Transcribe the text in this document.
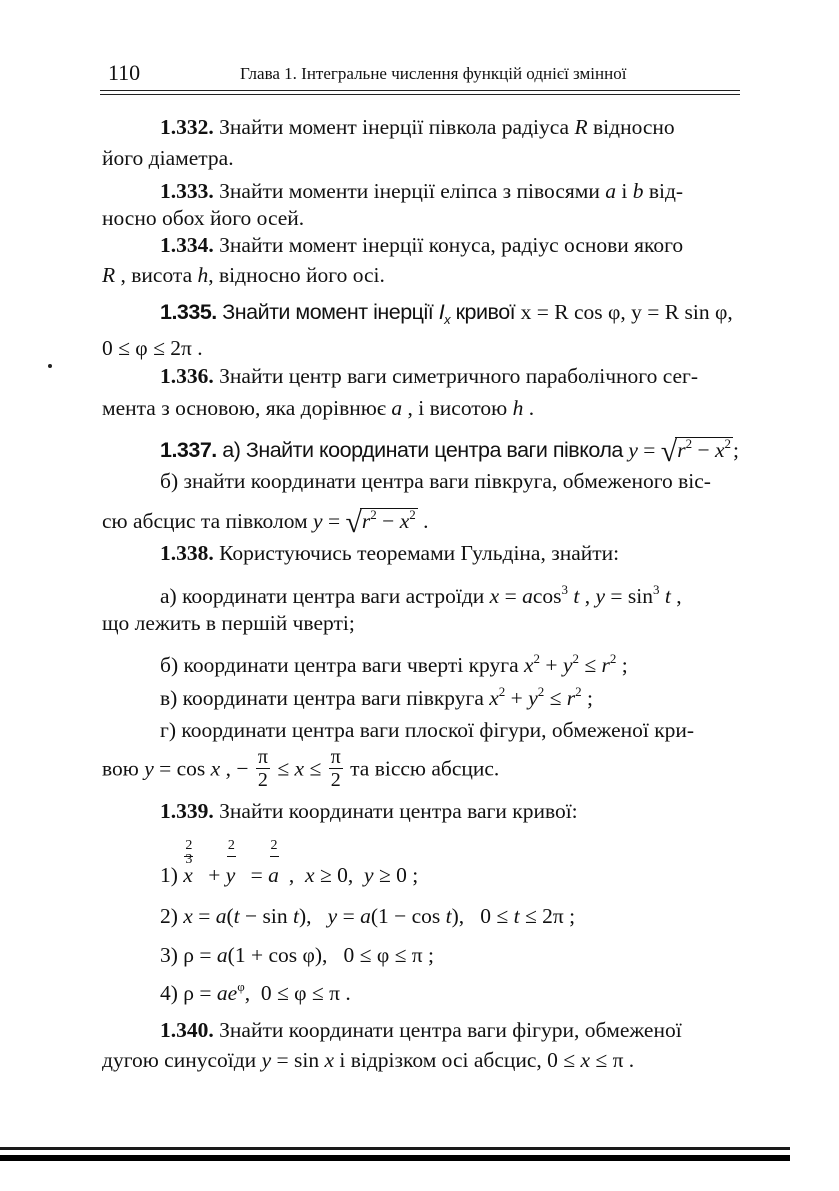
110	Глава 1. Інтегральне числення функцій однієї змінної
1.332. Знайти момент інерції півкола радіуса R відносно
його діаметра.
1.333. Знайти моменти інерції еліпса з півосями a і b від-
носно обох його осей.
1.334. Знайти момент інерції конуса, радіус основи якого
R , висота h, відносно його осі.
1.335. Знайти момент інерції $I_x$ кривої x = R cos φ, y = R sin φ,
0 ≤ φ ≤ 2π .
1.336. Знайти центр ваги симетричного параболічного сег-
мента з основою, яка дорівнює a , і висотою h .
1.337. а) Знайти координати центра ваги півкола $y = √r^2 - x^2$;
б) знайти координати центра ваги півкруга, обмеженого віс-
сю абсцис та півколом $y = √r^2 - x^2$ .
1.338. Користуючись теоремами Гульдіна, знайти:
а) координати центра ваги астроїди x = acos$^3$ t , $y = \sin^3 t$ ,
що лежить в першій чверті;
б) координати центра ваги чверті круга $x^2 + y^2 \le r^2$ ;
в) координати центра ваги півкруга $x^2 + y^2 \le r^2$ ;
г) координати центра ваги плоскої фігури, обмеженої кри-
вою y = cos x , − $\frac{\pi}{2} \le x \le \frac{\pi}{2}$ та віссю абсцис.
1.339. Знайти координати центра ваги кривої:
1) x
2
3
+ y
2
= a
2
,  x ≥ 0,  y ≥ 0 ;
2) x = a(t − sin t),   y = a(1 − cos t),   0 ≤ t ≤ 2π ;
3) ρ = a(1 + cos φ),   0 ≤ φ ≤ π ;
4) $\rho = ae^\varphi$,  0 ≤ φ ≤ π .
1.340. Знайти координати центра ваги фігури, обмеженої
дугою синусоїди y = sin x і відрізком осі абсцис, 0 ≤ x ≤ π .
